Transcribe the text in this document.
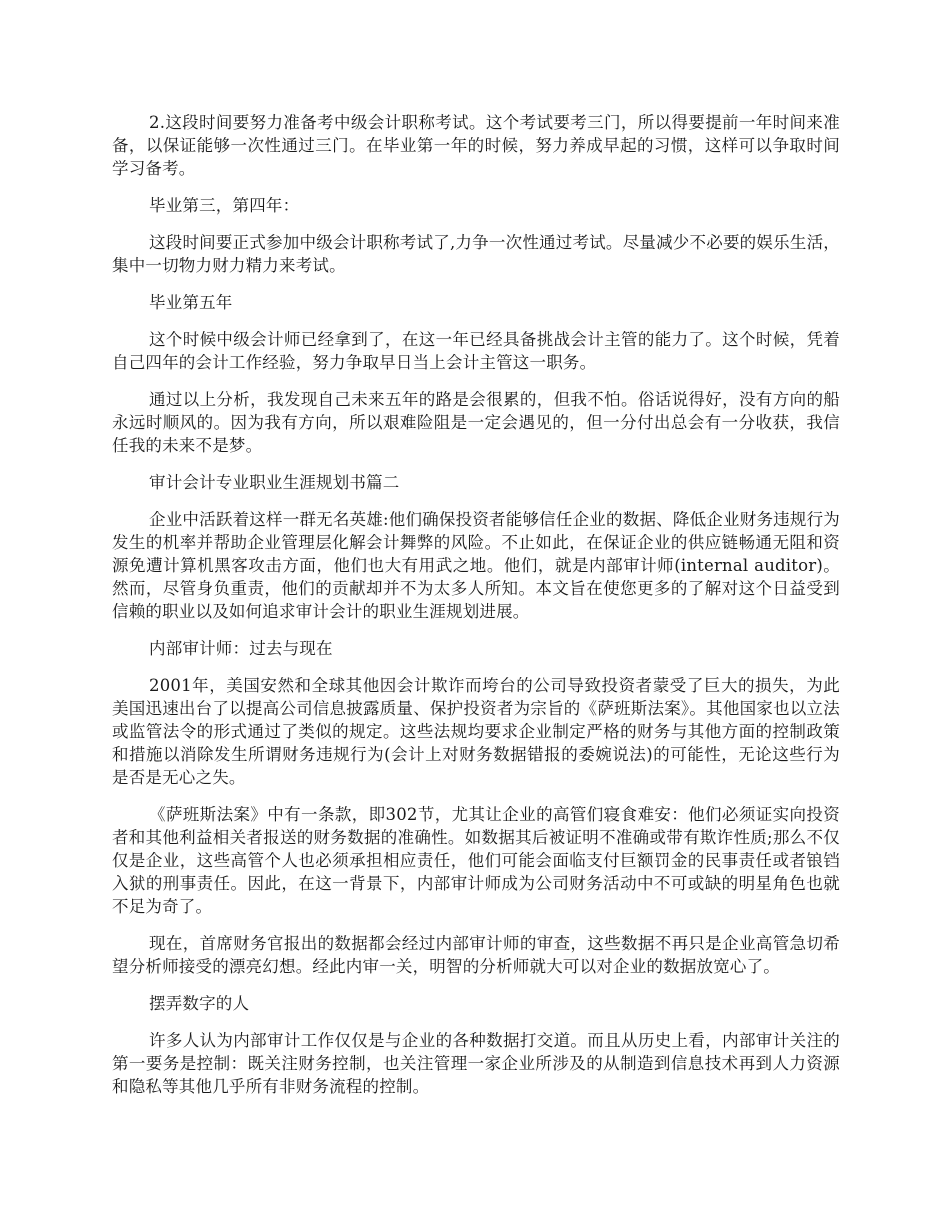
2.这段时间要努力准备考中级会计职称考试。这个考试要考三门，所以得要提前一年时间来准备，以保证能够一次性通过三门。在毕业第一年的时候，努力养成早起的习惯，这样可以争取时间学习备考。

毕业第三，第四年：

这段时间要正式参加中级会计职称考试了,力争一次性通过考试。尽量减少不必要的娱乐生活，集中一切物力财力精力来考试。

毕业第五年

这个时候中级会计师已经拿到了，在这一年已经具备挑战会计主管的能力了。这个时候，凭着自己四年的会计工作经验，努力争取早日当上会计主管这一职务。

通过以上分析，我发现自己未来五年的路是会很累的，但我不怕。俗话说得好，没有方向的船永远时顺风的。因为我有方向，所以艰难险阻是一定会遇见的，但一分付出总会有一分收获，我信任我的未来不是梦。

审计会计专业职业生涯规划书篇二

企业中活跃着这样一群无名英雄:他们确保投资者能够信任企业的数据、降低企业财务违规行为发生的机率并帮助企业管理层化解会计舞弊的风险。不止如此，在保证企业的供应链畅通无阻和资源免遭计算机黑客攻击方面，他们也大有用武之地。他们，就是内部审计师(internal auditor)。然而，尽管身负重责，他们的贡献却并不为太多人所知。本文旨在使您更多的了解对这个日益受到信赖的职业以及如何追求审计会计的职业生涯规划进展。

内部审计师：过去与现在

2001年，美国安然和全球其他因会计欺诈而垮台的公司导致投资者蒙受了巨大的损失，为此美国迅速出台了以提高公司信息披露质量、保护投资者为宗旨的《萨班斯法案》。其他国家也以立法或监管法令的形式通过了类似的规定。这些法规均要求企业制定严格的财务与其他方面的控制政策和措施以消除发生所谓财务违规行为(会计上对财务数据错报的委婉说法)的可能性，无论这些行为是否是无心之失。

《萨班斯法案》中有一条款，即302节，尤其让企业的高管们寝食难安：他们必须证实向投资者和其他利益相关者报送的财务数据的准确性。如数据其后被证明不准确或带有欺诈性质;那么不仅仅是企业，这些高管个人也必须承担相应责任，他们可能会面临支付巨额罚金的民事责任或者锒铛入狱的刑事责任。因此，在这一背景下，内部审计师成为公司财务活动中不可或缺的明星角色也就不足为奇了。

现在，首席财务官报出的数据都会经过内部审计师的审查，这些数据不再只是企业高管急切希望分析师接受的漂亮幻想。经此内审一关，明智的分析师就大可以对企业的数据放宽心了。

摆弄数字的人

许多人认为内部审计工作仅仅是与企业的各种数据打交道。而且从历史上看，内部审计关注的第一要务是控制：既关注财务控制，也关注管理一家企业所涉及的从制造到信息技术再到人力资源和隐私等其他几乎所有非财务流程的控制。
